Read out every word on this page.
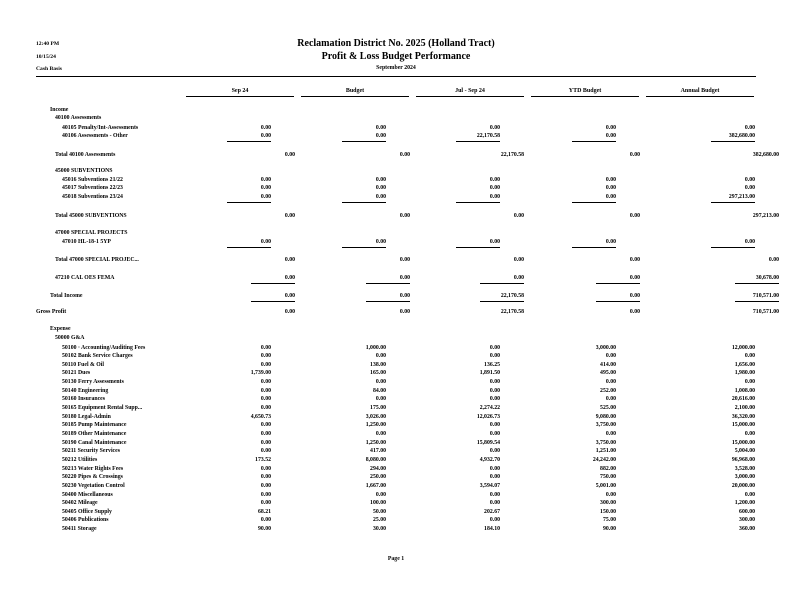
12:40 PM
10/15/24
Cash Basis
Reclamation District No. 2025 (Holland Tract)
Profit & Loss Budget Performance
September 2024
Sep 24	Budget	Jul - Sep 24	YTD Budget	Annual Budget
Income
40100 Assessments
40105 Penalty/Int-Assessments	0.00	0.00	0.00	0.00	0.00
40106 Assessments - Other	0.00	0.00	22,170.58	0.00	382,680.00
Total 40100 Assessments	0.00	0.00	22,170.58	0.00	382,680.00
45000 SUBVENTIONS
45016 Subventions 21/22	0.00	0.00	0.00	0.00	0.00
45017 Subventions 22/23	0.00	0.00	0.00	0.00	0.00
45018 Subventions 23/24	0.00	0.00	0.00	0.00	297,213.00
Total 45000 SUBVENTIONS	0.00	0.00	0.00	0.00	297,213.00
47000 SPECIAL PROJECTS
47010 HL-18-1 5YP	0.00	0.00	0.00	0.00	0.00
Total 47000 SPECIAL PROJEC...	0.00	0.00	0.00	0.00	0.00
47210 CAL OES FEMA	0.00	0.00	0.00	0.00	30,678.00
Total Income	0.00	0.00	22,170.58	0.00	710,571.00
Gross Profit	0.00	0.00	22,170.58	0.00	710,571.00
Expense
50000 G&A
50100 · Accounting/Auditing Fees	0.00	1,000.00	0.00	3,000.00	12,000.00
50102 Bank Service Charges	0.00	0.00	0.00	0.00	0.00
50110 Fuel & Oil	0.00	138.00	136.25	414.00	1,656.00
50121 Dues	1,739.00	165.00	1,891.50	495.00	1,980.00
50130 Ferry Assessments	0.00	0.00	0.00	0.00	0.00
50140 Engineering	0.00	84.00	0.00	252.00	1,008.00
50160 Insurances	0.00	0.00	0.00	0.00	20,616.00
50165 Equipment Rental Supp...	0.00	175.00	2,274.22	525.00	2,100.00
50180 Legal-Admin	4,650.73	3,026.00	12,026.73	9,080.00	36,320.00
50185 Pump Maintenance	0.00	1,250.00	0.00	3,750.00	15,000.00
50189 Other Maintenance	0.00	0.00	0.00	0.00	0.00
50190 Canal Maintenance	0.00	1,250.00	15,809.54	3,750.00	15,000.00
50211 Security Services	0.00	417.00	0.00	1,251.00	5,004.00
50212 Utilities	173.52	8,080.00	4,932.70	24,242.00	96,968.00
50213 Water Rights Fees	0.00	294.00	0.00	882.00	3,528.00
50220 Pipes & Crossings	0.00	250.00	0.00	750.00	3,000.00
50230 Vegetation Control	0.00	1,667.00	3,594.07	5,001.00	20,000.00
50400 Miscellaneous	0.00	0.00	0.00	0.00	0.00
50402 Mileage	0.00	100.00	0.00	300.00	1,200.00
50405 Office Supply	68.21	50.00	202.67	150.00	600.00
50406 Publications	0.00	25.00	0.00	75.00	300.00
50411 Storage	90.00	30.00	184.10	90.00	360.00
Page 1
